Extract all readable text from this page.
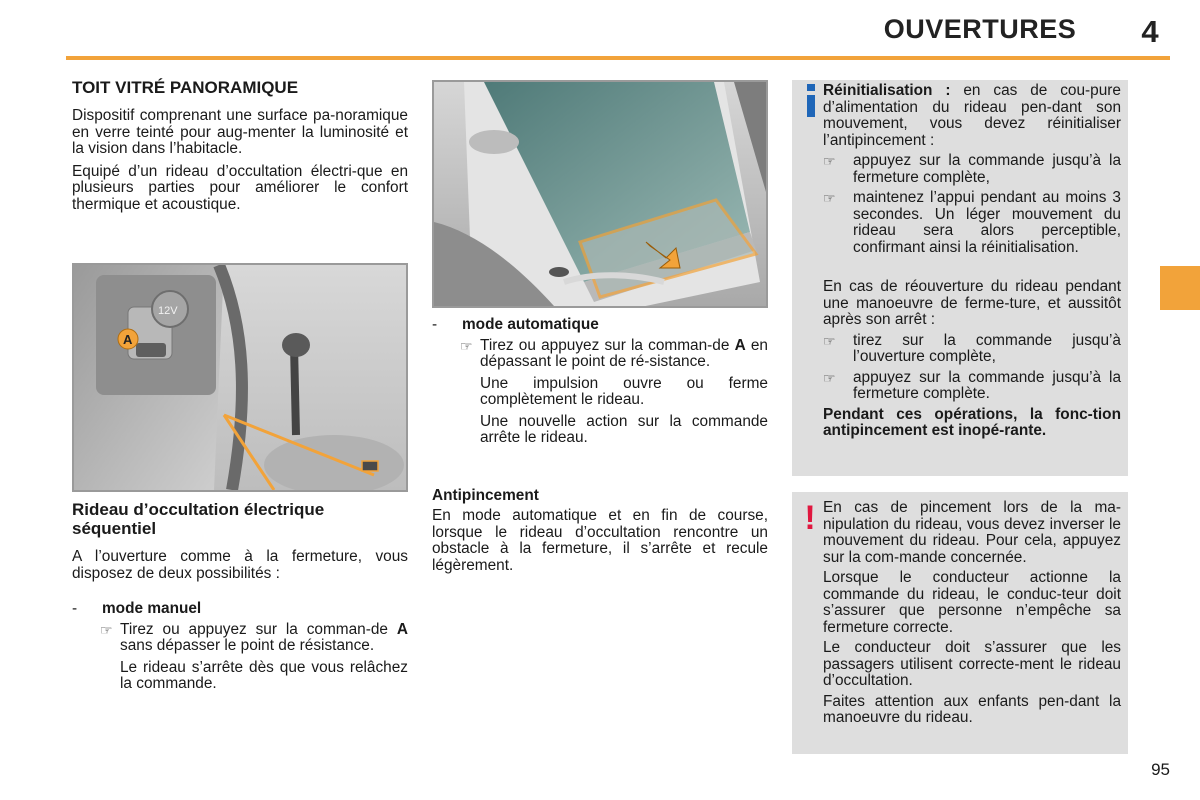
OUVERTURES	4
TOIT VITRÉ PANORAMIQUE

Dispositif comprenant une surface pa-noramique en verre teinté pour aug-menter la luminosité et la vision dans l’habitacle.

Equipé d’un rideau d’occultation électri-que en plusieurs parties pour améliorer le confort thermique et acoustique.

12V
A
Rideau d’occultation électrique séquentiel

A l’ouverture comme à la fermeture, vous disposez de deux possibilités :

- mode manuel
☞ Tirez ou appuyez sur la comman-de A sans dépasser le point de résistance.

Le rideau s’arrête dès que vous relâchez la commande.

- mode automatique
☞ Tirez ou appuyez sur la comman-de A en dépassant le point de ré-sistance.

Une impulsion ouvre ou ferme complètement le rideau.

Une nouvelle action sur la commande arrête le rideau.

Antipincement

En mode automatique et en fin de course, lorsque le rideau d’occultation rencontre un obstacle à la fermeture, il s’arrête et recule légèrement.

Réinitialisation : en cas de cou-pure d’alimentation du rideau pen-dant son mouvement, vous devez réinitialiser l’antipincement :

☞ appuyez sur la commande jusqu’à la fermeture complète,
☞ maintenez l’appui pendant au moins 3 secondes. Un léger mouvement du rideau sera alors perceptible, confirmant ainsi la réinitialisation.

En cas de réouverture du rideau pendant une manoeuvre de ferme-ture, et aussitôt après son arrêt :

☞ tirez sur la commande jusqu’à l’ouverture complète,
☞ appuyez sur la commande jusqu’à la fermeture complète.

Pendant ces opérations, la fonc-tion antipincement est inopé-rante.

! En cas de pincement lors de la ma-nipulation du rideau, vous devez inverser le mouvement du rideau. Pour cela, appuyez sur la com-mande concernée.

Lorsque le conducteur actionne la commande du rideau, le conduc-teur doit s’assurer que personne n’empêche sa fermeture correcte.

Le conducteur doit s’assurer que les passagers utilisent correcte-ment le rideau d’occultation.

Faites attention aux enfants pen-dant la manoeuvre du rideau.

95
